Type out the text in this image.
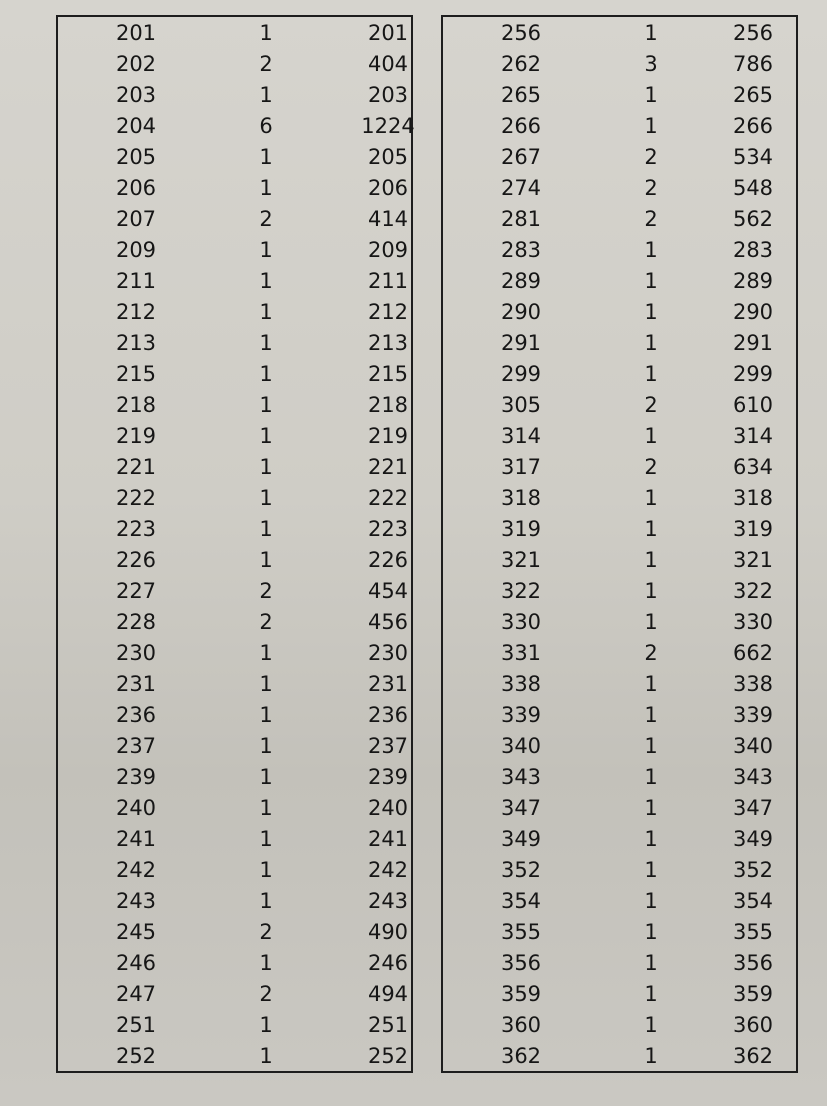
201	1	201
202	2	404
203	1	203
204	6	1224
205	1	205
206	1	206
207	2	414
209	1	209
211	1	211
212	1	212
213	1	213
215	1	215
218	1	218
219	1	219
221	1	221
222	1	222
223	1	223
226	1	226
227	2	454
228	2	456
230	1	230
231	1	231
236	1	236
237	1	237
239	1	239
240	1	240
241	1	241
242	1	242
243	1	243
245	2	490
246	1	246
247	2	494
251	1	251
252	1	252
256	1	256
262	3	786
265	1	265
266	1	266
267	2	534
274	2	548
281	2	562
283	1	283
289	1	289
290	1	290
291	1	291
299	1	299
305	2	610
314	1	314
317	2	634
318	1	318
319	1	319
321	1	321
322	1	322
330	1	330
331	2	662
338	1	338
339	1	339
340	1	340
343	1	343
347	1	347
349	1	349
352	1	352
354	1	354
355	1	355
356	1	356
359	1	359
360	1	360
362	1	362
